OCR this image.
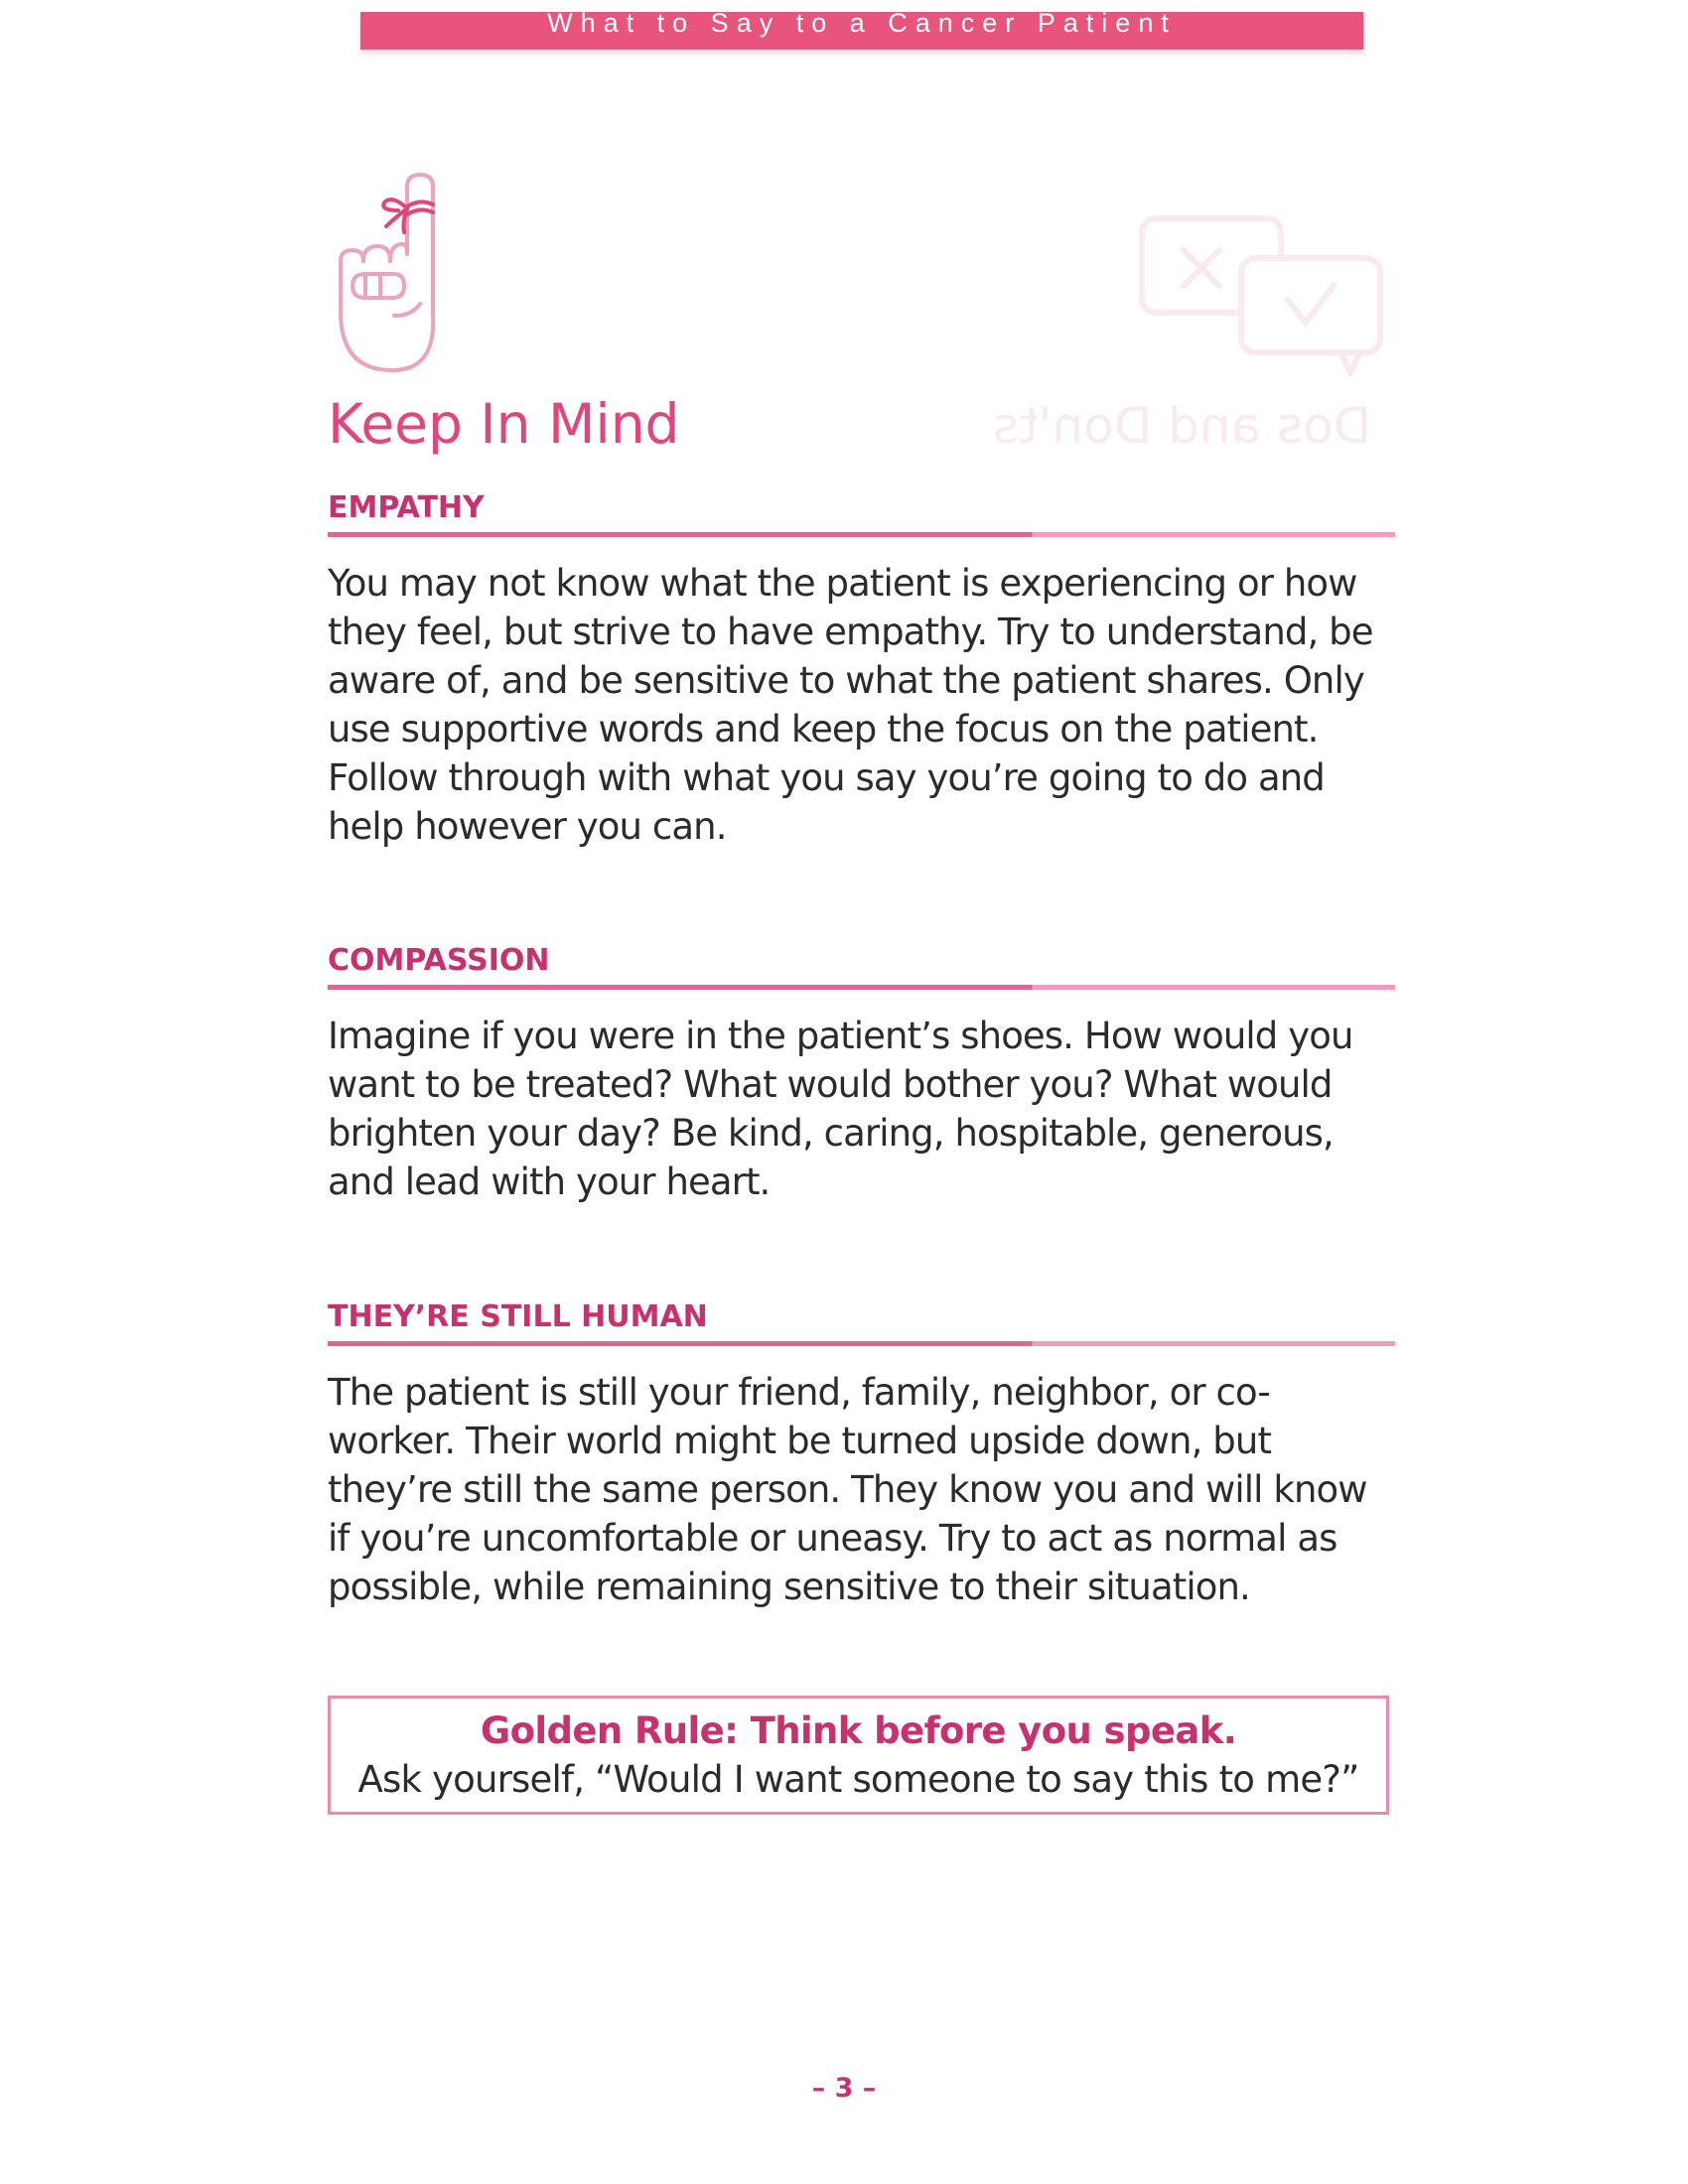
What to Say to a Cancer Patient
Dos and Don'ts
Keep In Mind
EMPATHY
You may not know what the patient is experiencing or how they feel, but strive to have empathy. Try to understand, be aware of, and be sensitive to what the patient shares. Only use supportive words and keep the focus on the patient. Follow through with what you say you’re going to do and help however you can.
COMPASSION
Imagine if you were in the patient’s shoes. How would you want to be treated? What would bother you? What would brighten your day? Be kind, caring, hospitable, generous, and lead with your heart.
THEY’RE STILL HUMAN
The patient is still your friend, family, neighbor, or co-worker. Their world might be turned upside down, but they’re still the same person. They know you and will know if you’re uncomfortable or uneasy. Try to act as normal as possible, while remaining sensitive to their situation.
Golden Rule: Think before you speak.
Ask yourself, “Would I want someone to say this to me?”
– 3 –
